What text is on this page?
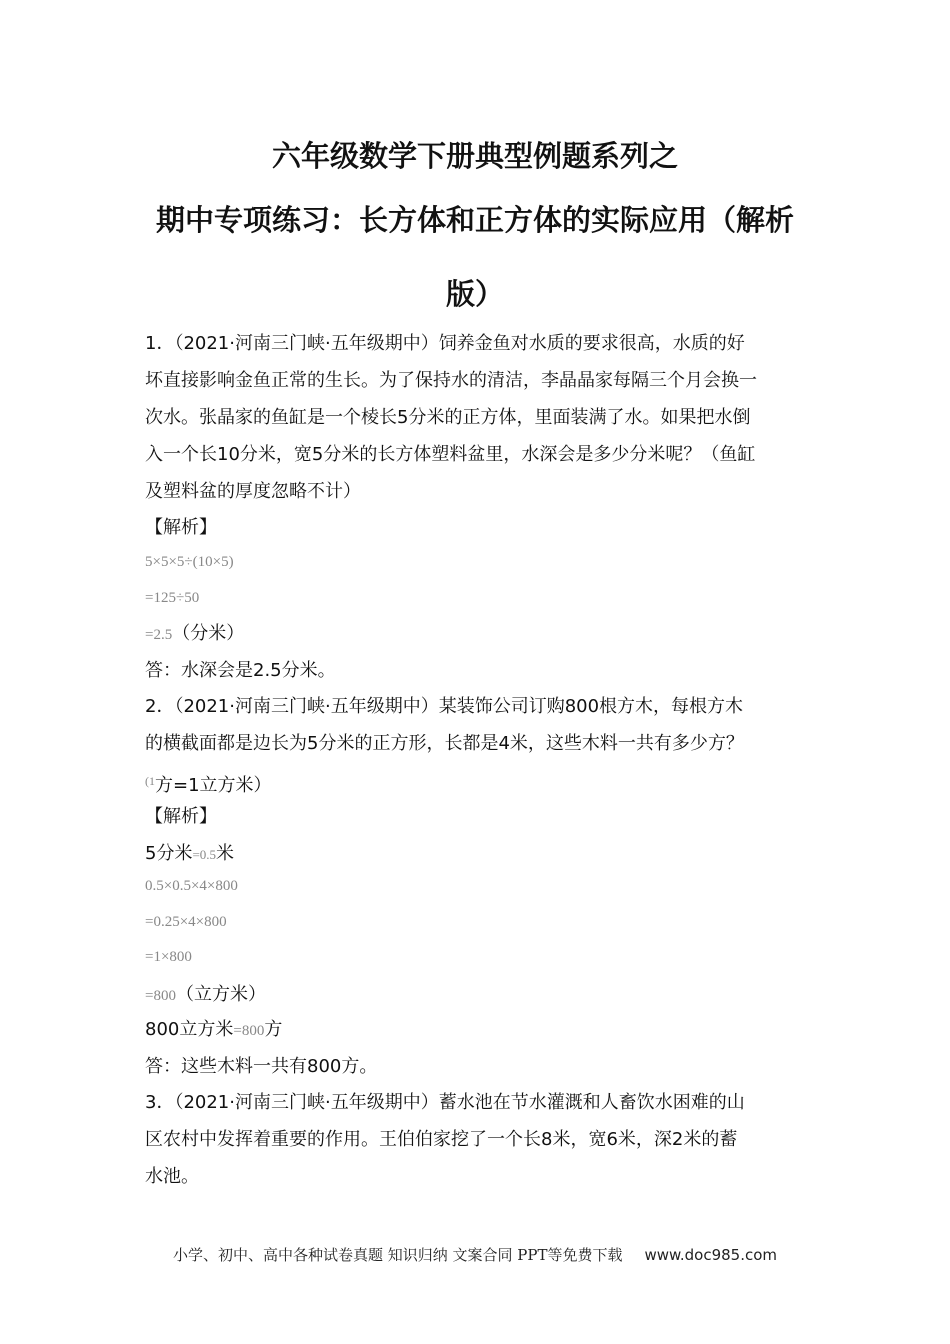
六年级数学下册典型例题系列之
期中专项练习：长方体和正方体的实际应用（解析
版）
1．（2021·河南三门峡·五年级期中）饲养金鱼对水质的要求很高，水质的好
坏直接影响金鱼正常的生长。为了保持水的清洁，李晶晶家每隔三个月会换一
次水。张晶家的鱼缸是一个棱长5分米的正方体，里面装满了水。如果把水倒
入一个长10分米，宽5分米的长方体塑料盆里，水深会是多少分米呢？（鱼缸
及塑料盆的厚度忽略不计）
【解析】
5×5×5÷(10×5)
=125÷50
=2.5（分米）
答：水深会是2.5分米。
2．（2021·河南三门峡·五年级期中）某装饰公司订购800根方木，每根方木
的横截面都是边长为5分米的正方形，长都是4米，这些木料一共有多少方？
$^{(1}$方=1立方米）
【解析】
5分米=0.5米
0.5×0.5×4×800
=0.25×4×800
=1×800
=800（立方米）
800立方米=800方
答：这些木料一共有800方。
3．（2021·河南三门峡·五年级期中）蓄水池在节水灌溉和人畜饮水困难的山
区农村中发挥着重要的作用。王伯伯家挖了一个长8米，宽6米，深2米的蓄
水池。
小学、初中、高中各种试卷真题 知识归纳 文案合同 PPT等免费下载 www.doc985.com
